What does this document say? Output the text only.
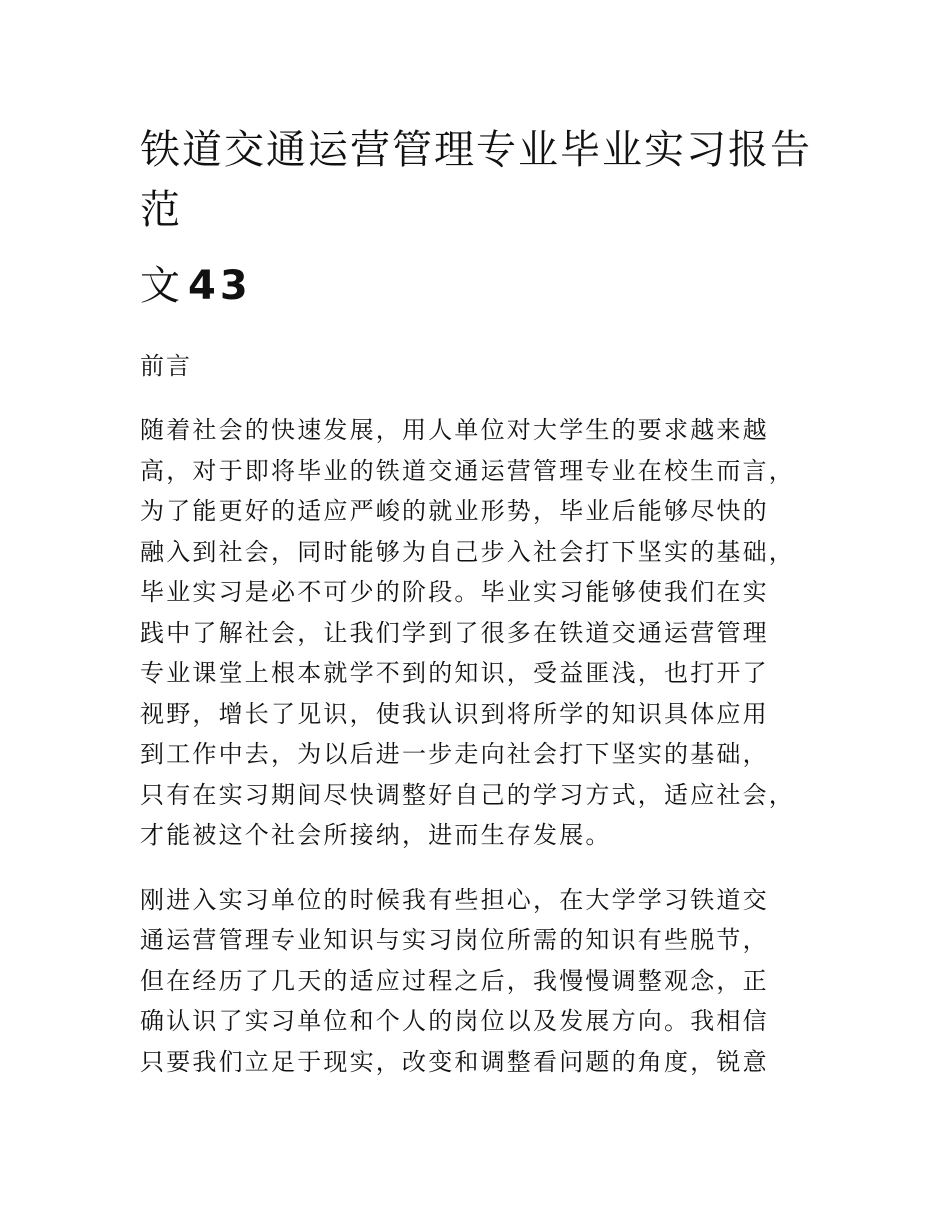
铁道交通运营管理专业毕业实习报告范
文 43
前言

随着社会的快速发展，用人单位对大学生的要求越来越
高，对于即将毕业的铁道交通运营管理专业在校生而言，
为了能更好的适应严峻的就业形势，毕业后能够尽快的
融入到社会，同时能够为自己步入社会打下坚实的基础，
毕业实习是必不可少的阶段。毕业实习能够使我们在实
践中了解社会，让我们学到了很多在铁道交通运营管理
专业课堂上根本就学不到的知识，受益匪浅，也打开了
视野，增长了见识，使我认识到将所学的知识具体应用
到工作中去，为以后进一步走向社会打下坚实的基础，
只有在实习期间尽快调整好自己的学习方式，适应社会，
才能被这个社会所接纳，进而生存发展。

刚进入实习单位的时候我有些担心，在大学学习铁道交
通运营管理专业知识与实习岗位所需的知识有些脱节，
但在经历了几天的适应过程之后，我慢慢调整观念，正
确认识了实习单位和个人的岗位以及发展方向。我相信
只要我们立足于现实，改变和调整看问题的角度，锐意
